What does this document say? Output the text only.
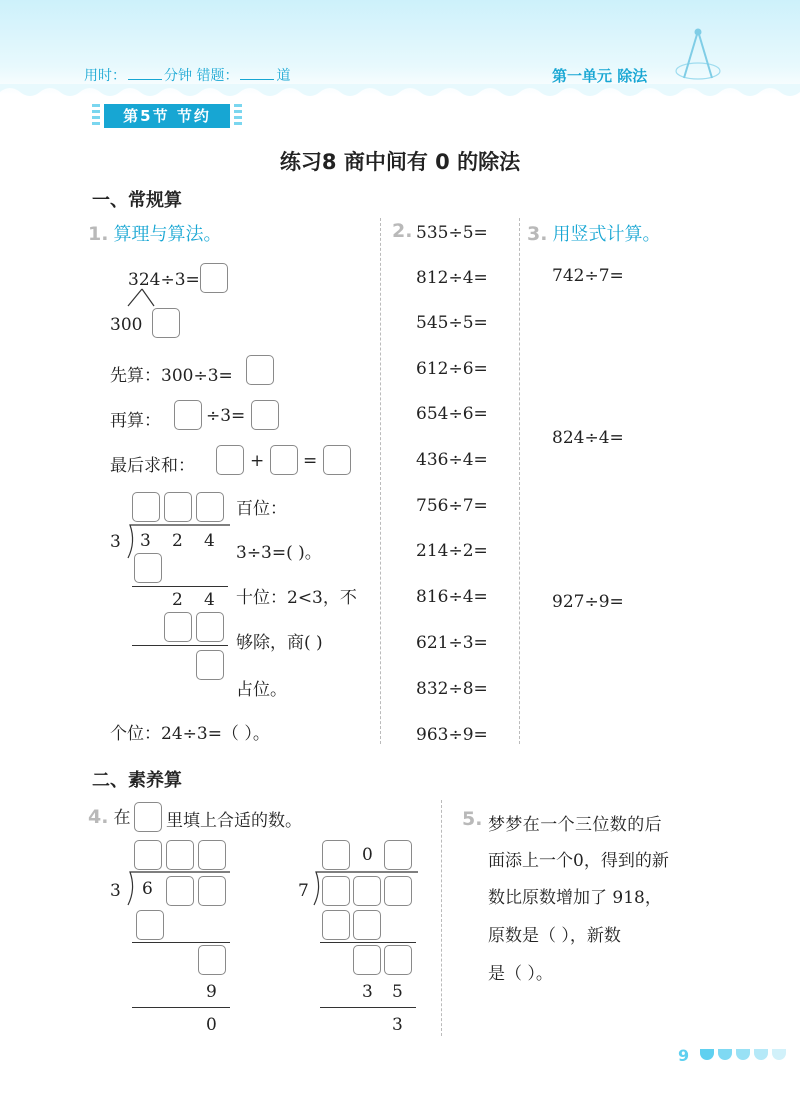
用时：	分钟 错题：	道	第一单元 除法
第5节 节约
练习8 商中间有 0 的除法
一、常规算
1. 算理与算法。
324÷3=
300
先算：300÷3=
再算：	÷3=
最后求和：	+ =
百位：
3 3 2 4
3÷3=( )。
2 4 十位：2<3，不
够除，商( )
占位。
个位：24÷3=（ ）。
2. 535÷5=
812÷4=
545÷5=
612÷6=
654÷6=
436÷4=
756÷7=
214÷2=
816÷4=
621÷3=
832÷8=
963÷9=
3. 用竖式计算。
742÷7=
824÷4=
927÷9=
二、素养算
4. 在 里填上合适的数。
3 6
9
0
0
7
3 5
3
5. 梦梦在一个三位数的后
面添上一个0，得到的新
数比原数增加了 918，
原数是（ ），新数
是（ ）。
9
